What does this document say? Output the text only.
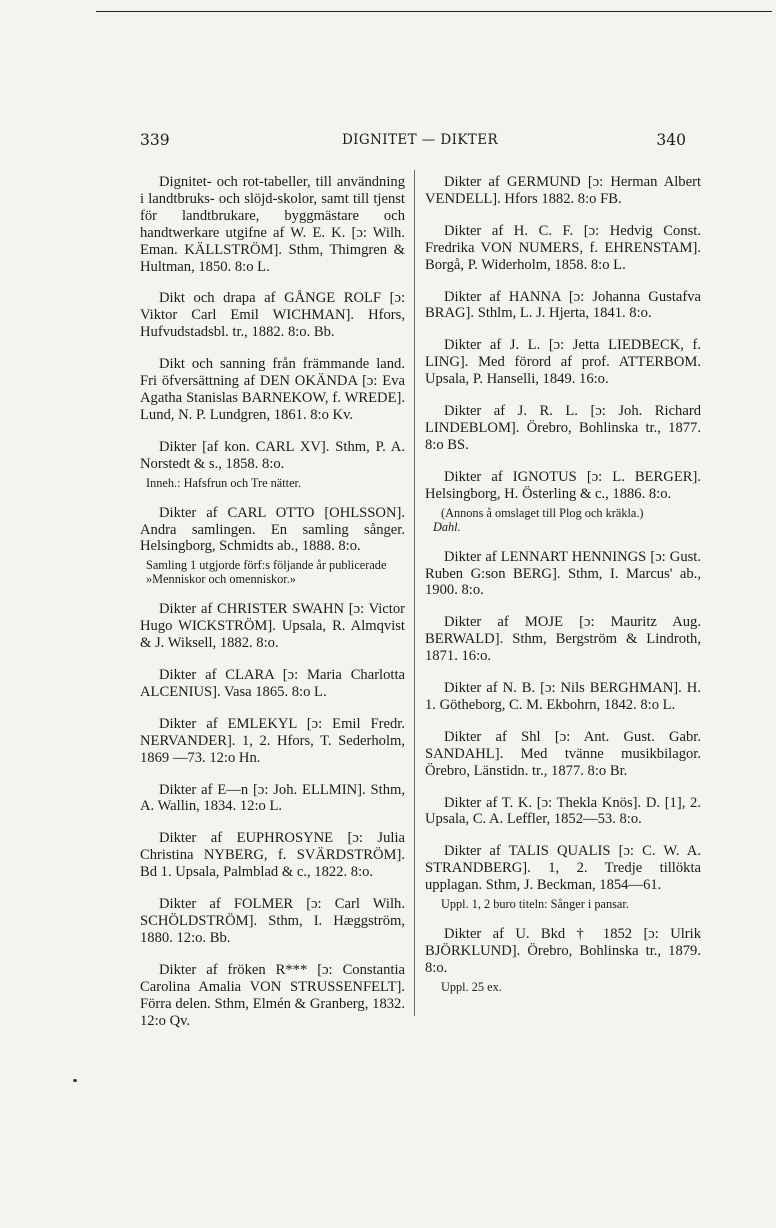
339	DIGNITET — DIKTER	340

Dignitet- och rot-tabeller, till användning i landtbruks- och slöjd-skolor, samt till tjenst för landtbrukare, byggmästare och handtwerkare utgifne af W. E. K. [ɔ: Wilh. Eman. KÄLLSTRÖM]. Sthm, Thimgren & Hultman, 1850. 8:o L.

Dikt och drapa af GÅNGE ROLF [ɔ: Viktor Carl Emil WICHMAN]. Hfors, Hufvudstadsbl. tr., 1882. 8:o. Bb.

Dikt och sanning från främmande land. Fri öfversättning af DEN OKÄNDA [ɔ: Eva Agatha Stanislas BARNEKOW, f. WREDE]. Lund, N. P. Lundgren, 1861. 8:o Kv.

Dikter [af kon. CARL XV]. Sthm, P. A. Norstedt & s., 1858. 8:o.

Inneh.: Hafsfrun och Tre nätter.

Dikter af CARL OTTO [OHLSSON]. Andra samlingen. En samling sånger. Helsingborg, Schmidts ab., 1888. 8:o.

Samling 1 utgjorde förf:s följande år publicerade »Menniskor och omenniskor.»

Dikter af CHRISTER SWAHN [ɔ: Victor Hugo WICKSTRÖM]. Upsala, R. Almqvist & J. Wiksell, 1882. 8:o.

Dikter af CLARA [ɔ: Maria Charlotta ALCENIUS]. Vasa 1865. 8:o L.

Dikter af EMLEKYL [ɔ: Emil Fredr. NERVANDER]. 1, 2. Hfors, T. Sederholm, 1869 —73. 12:o Hn.

Dikter af E—n [ɔ: Joh. ELLMIN]. Sthm, A. Wallin, 1834. 12:o L.

Dikter af EUPHROSYNE [ɔ: Julia Christina NYBERG, f. SVÄRDSTRÖM]. Bd 1. Upsala, Palmblad & c., 1822. 8:o.

Dikter af FOLMER [ɔ: Carl Wilh. SCHÖLDSTRÖM]. Sthm, I. Hæggström, 1880. 12:o. Bb.

Dikter af fröken R*** [ɔ: Constantia Carolina Amalia VON STRUSSENFELT]. Förra delen. Sthm, Elmén & Granberg, 1832. 12:o Qv.

Dikter af GERMUND [ɔ: Herman Albert VENDELL]. Hfors 1882. 8:o FB.

Dikter af H. C. F. [ɔ: Hedvig Const. Fredrika VON NUMERS, f. EHRENSTAM]. Borgå, P. Widerholm, 1858. 8:o L.

Dikter af HANNA [ɔ: Johanna Gustafva BRAG]. Sthlm, L. J. Hjerta, 1841. 8:o.

Dikter af J. L. [ɔ: Jetta LIEDBECK, f. LING]. Med förord af prof. ATTERBOM. Upsala, P. Hanselli, 1849. 16:o.

Dikter af J. R. L. [ɔ: Joh. Richard LINDEBLOM]. Örebro, Bohlinska tr., 1877. 8:o BS.

Dikter af IGNOTUS [ɔ: L. BERGER]. Helsingborg, H. Österling & c., 1886. 8:o.

(Annons å omslaget till Plog och kräkla.)
Dahl.

Dikter af LENNART HENNINGS [ɔ: Gust. Ruben G:son BERG]. Sthm, I. Marcus' ab., 1900. 8:o.

Dikter af MOJE [ɔ: Mauritz Aug. BERWALD]. Sthm, Bergström & Lindroth, 1871. 16:o.

Dikter af N. B. [ɔ: Nils BERGHMAN]. H. 1. Götheborg, C. M. Ekbohrn, 1842. 8:o L.

Dikter af Shl [ɔ: Ant. Gust. Gabr. SANDAHL]. Med tvänne musikbilagor. Örebro, Länstidn. tr., 1877. 8:o Br.

Dikter af T. K. [ɔ: Thekla Knös]. D. [1], 2. Upsala, C. A. Leffler, 1852—53. 8:o.

Dikter af TALIS QUALIS [ɔ: C. W. A. STRANDBERG]. 1, 2. Tredje tillökta upplagan. Sthm, J. Beckman, 1854—61.

Uppl. 1, 2 buro titeln: Sånger i pansar.

Dikter af U. Bkd † 1852 [ɔ: Ulrik BJÖRKLUND]. Örebro, Bohlinska tr., 1879. 8:o.

Uppl. 25 ex.
